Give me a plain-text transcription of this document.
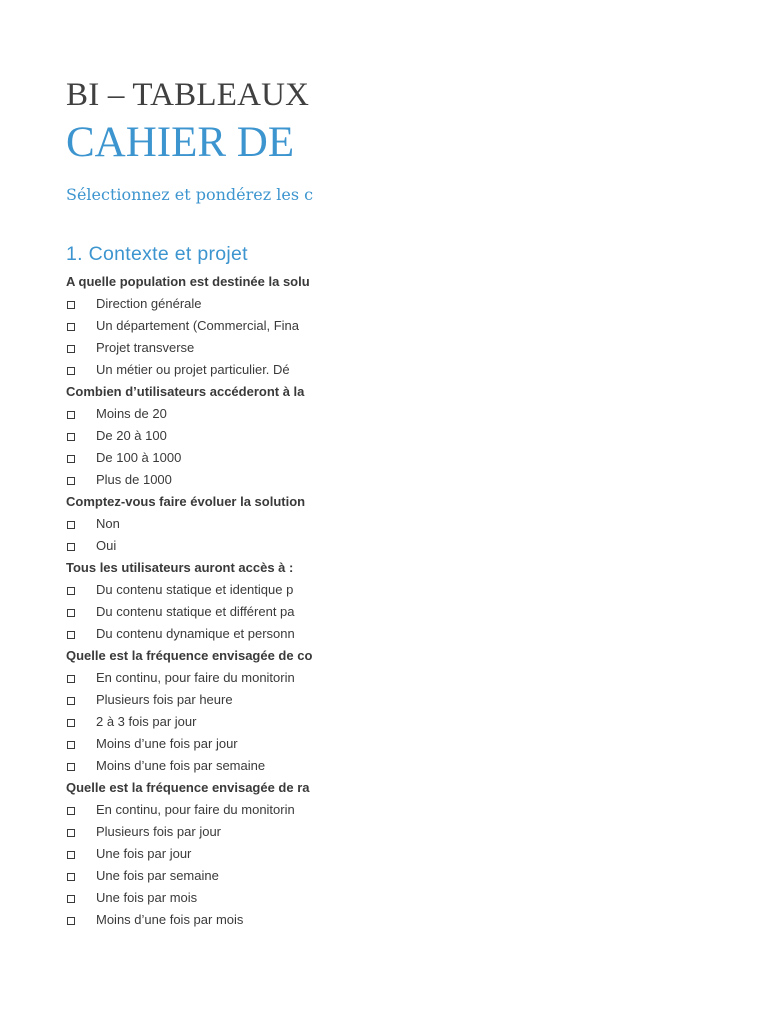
BI – TABLEAUX
CAHIER DE
Sélectionnez et pondérez les c
1. Contexte et projet
A quelle population est destinée la solu
Direction générale
Un département (Commercial, Fina
Projet transverse
Un métier ou projet particulier. Dé
Combien d’utilisateurs accéderont à la
Moins de 20
De 20 à 100
De 100 à 1000
Plus de 1000
Comptez-vous faire évoluer la solution
Non
Oui
Tous les utilisateurs auront accès à :
Du contenu statique et identique p
Du contenu statique et différent pa
Du contenu dynamique et personn
Quelle est la fréquence envisagée de co
En continu, pour faire du monitorin
Plusieurs fois par heure
2 à 3 fois par jour
Moins d’une fois par jour
Moins d’une fois par semaine
Quelle est la fréquence envisagée de ra
En continu, pour faire du monitorin
Plusieurs fois par jour
Une fois par jour
Une fois par semaine
Une fois par mois
Moins d’une fois par mois
